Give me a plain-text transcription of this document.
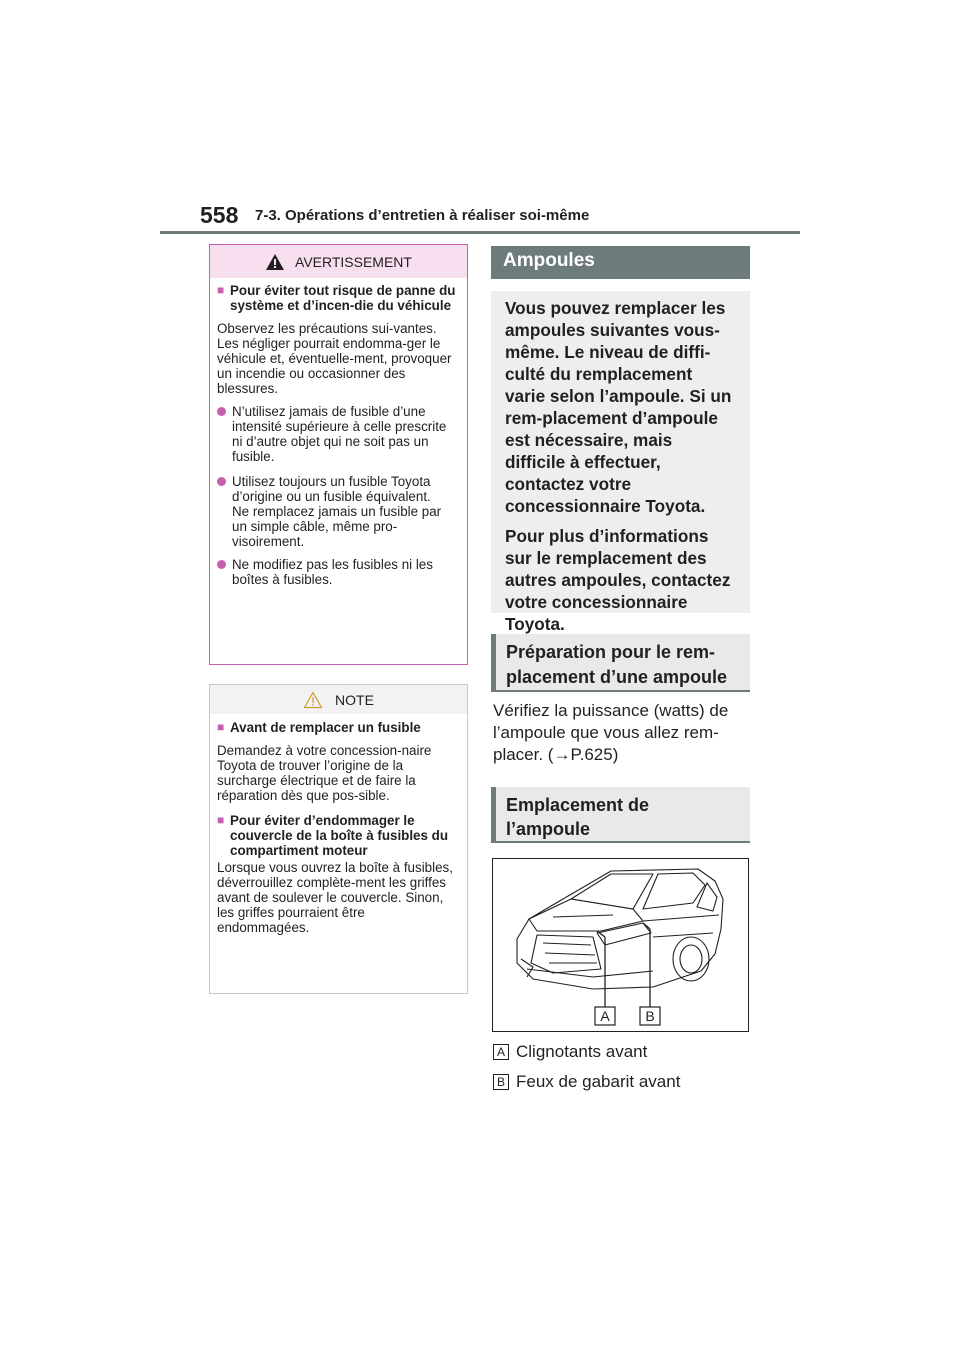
558 7-3. Opérations d’entretien à réaliser soi-même
AVERTISSEMENT
■ Pour éviter tout risque de panne du système et d’incen-die du véhicule
Observez les précautions sui-vantes.
Les négliger pourrait endomma-ger le véhicule et, éventuelle-ment, provoquer un incendie ou occasionner des blessures.
N’utilisez jamais de fusible d’une intensité supérieure à celle prescrite ni d’autre objet qui ne soit pas un fusible.
Utilisez toujours un fusible Toyota d’origine ou un fusible équivalent.
Ne remplacez jamais un fusible par un simple câble, même pro-visoirement.
Ne modifiez pas les fusibles ni les boîtes à fusibles.
NOTE
■ Avant de remplacer un fusible
Demandez à votre concession-naire Toyota de trouver l’origine de la surcharge électrique et de faire la réparation dès que pos-sible.
■ Pour éviter d’endommager le couvercle de la boîte à fusibles du compartiment moteur
Lorsque vous ouvrez la boîte à fusibles, déverrouillez complète-ment les griffes avant de soulever le couvercle. Sinon, les griffes pourraient être endommagées.
Ampoules

Vous pouvez remplacer les ampoules suivantes vous-même. Le niveau de diffi-culté du remplacement varie selon l’ampoule. Si un rem-placement d’ampoule est nécessaire, mais difficile à effectuer, contactez votre concessionnaire Toyota.

Pour plus d’informations sur le remplacement des autres ampoules, contactez votre concessionnaire Toyota.

Préparation pour le rem-
placement d’une ampoule
Vérifiez la puissance (watts) de
l’ampoule que vous allez rem-
placer. (→P.625)
Emplacement de
l’ampoule
A	B
A Clignotants avant
B Feux de gabarit avant
